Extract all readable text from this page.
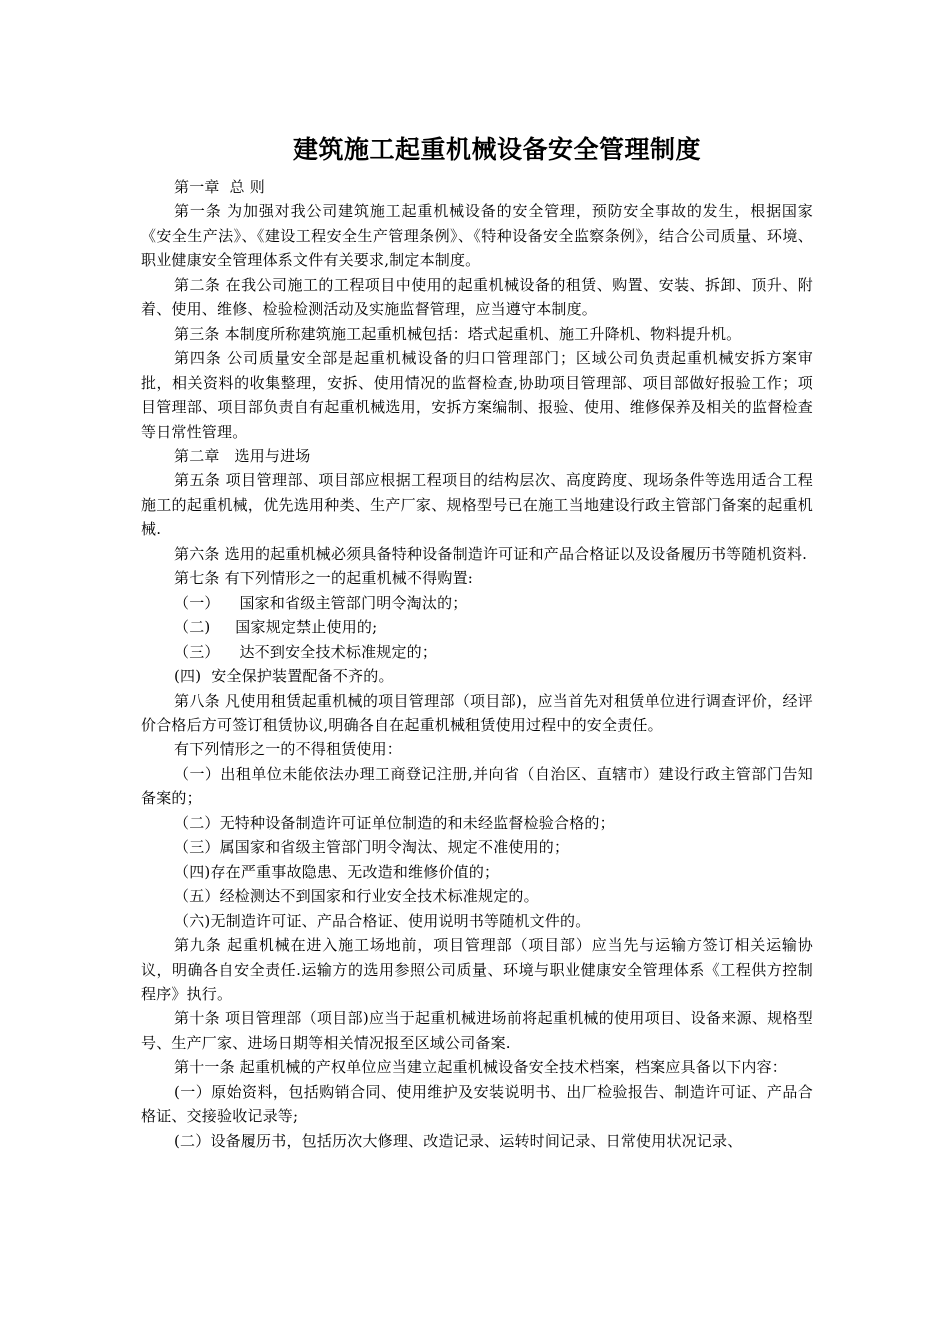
建筑施工起重机械设备安全管理制度

第一章  总 则

第一条 为加强对我公司建筑施工起重机械设备的安全管理，预防安全事故的发生，根据国家《安全生产法》、《建设工程安全生产管理条例》、《特种设备安全监察条例》，结合公司质量、环境、职业健康安全管理体系文件有关要求,制定本制度。

第二条 在我公司施工的工程项目中使用的起重机械设备的租赁、购置、安装、拆卸、顶升、附着、使用、维修、检验检测活动及实施监督管理，应当遵守本制度。

第三条 本制度所称建筑施工起重机械包括：塔式起重机、施工升降机、物料提升机。

第四条 公司质量安全部是起重机械设备的归口管理部门；区域公司负责起重机械安拆方案审批，相关资料的收集整理，安拆、使用情况的监督检查,协助项目管理部、项目部做好报验工作；项目管理部、项目部负责自有起重机械选用，安拆方案编制、报验、使用、维修保养及相关的监督检查等日常性管理。

第二章   选用与进场

第五条 项目管理部、项目部应根据工程项目的结构层次、高度跨度、现场条件等选用适合工程施工的起重机械，优先选用种类、生产厂家、规格型号已在施工当地建设行政主管部门备案的起重机械.

第六条 选用的起重机械必须具备特种设备制造许可证和产品合格证以及设备履历书等随机资料.

第七条 有下列情形之一的起重机械不得购置:

（一）    国家和省级主管部门明令淘汰的；

（二)     国家规定禁止使用的;

（三）    达不到安全技术标准规定的；

(四)  安全保护装置配备不齐的。

第八条 凡使用租赁起重机械的项目管理部（项目部)，应当首先对租赁单位进行调查评价，经评价合格后方可签订租赁协议,明确各自在起重机械租赁使用过程中的安全责任。

有下列情形之一的不得租赁使用：

（一）出租单位未能依法办理工商登记注册,并向省（自治区、直辖市）建设行政主管部门告知备案的；

（二）无特种设备制造许可证单位制造的和未经监督检验合格的；

（三）属国家和省级主管部门明令淘汰、规定不准使用的；

（四)存在严重事故隐患、无改造和维修价值的；

（五）经检测达不到国家和行业安全技术标准规定的。

（六)无制造许可证、产品合格证、使用说明书等随机文件的。

第九条 起重机械在进入施工场地前，项目管理部（项目部）应当先与运输方签订相关运输协议，明确各自安全责任.运输方的选用参照公司质量、环境与职业健康安全管理体系《工程供方控制程序》执行。

第十条 项目管理部（项目部)应当于起重机械进场前将起重机械的使用项目、设备来源、规格型号、生产厂家、进场日期等相关情况报至区域公司备案.

第十一条 起重机械的产权单位应当建立起重机械设备安全技术档案，档案应具备以下内容：

(一）原始资料，包括购销合同、使用维护及安装说明书、出厂检验报告、制造许可证、产品合格证、交接验收记录等;

(二）设备履历书，包括历次大修理、改造记录、运转时间记录、日常使用状况记录、
